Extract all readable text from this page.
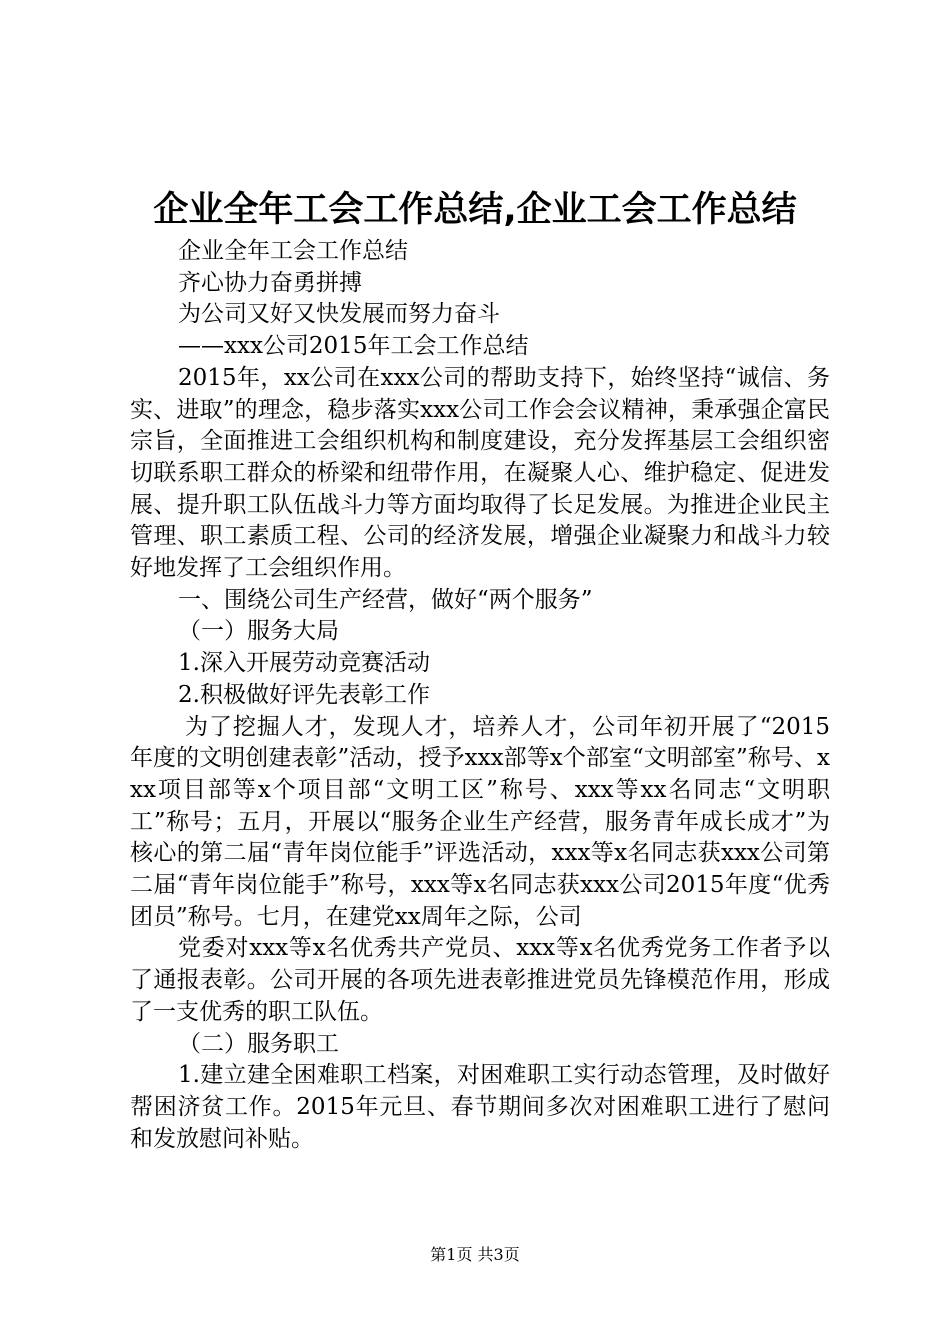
企业全年工会工作总结,企业工会工作总结

企业全年工会工作总结

齐心协力奋勇拼搏

为公司又好又快发展而努力奋斗

——xxx公司2015年工会工作总结

2015年，xx公司在xxx公司的帮助支持下，始终坚持“诚信、务实、进取”的理念，稳步落实xxx公司工作会会议精神，秉承强企富民宗旨，全面推进工会组织机构和制度建设，充分发挥基层工会组织密切联系职工群众的桥梁和纽带作用，在凝聚人心、维护稳定、促进发展、提升职工队伍战斗力等方面均取得了长足发展。为推进企业民主管理、职工素质工程、公司的经济发展，增强企业凝聚力和战斗力较好地发挥了工会组织作用。

一、围绕公司生产经营，做好“两个服务”

（一）服务大局

1.深入开展劳动竞赛活动

2.积极做好评先表彰工作

为了挖掘人才，发现人才，培养人才，公司年初开展了“2015年度的文明创建表彰”活动，授予xxx部等x个部室“文明部室”称号、xxx项目部等x个项目部“文明工区”称号、xxx等xx名同志“文明职工”称号；五月，开展以“服务企业生产经营，服务青年成长成才”为核心的第二届“青年岗位能手”评选活动，xxx等x名同志获xxx公司第二届“青年岗位能手”称号，xxx等x名同志获xxx公司2015年度“优秀团员”称号。七月，在建党xx周年之际，公司

党委对xxx等x名优秀共产党员、xxx等x名优秀党务工作者予以了通报表彰。公司开展的各项先进表彰推进党员先锋模范作用，形成了一支优秀的职工队伍。

（二）服务职工

1.建立建全困难职工档案，对困难职工实行动态管理，及时做好帮困济贫工作。2015年元旦、春节期间多次对困难职工进行了慰问和发放慰问补贴。

第1页 共3页
